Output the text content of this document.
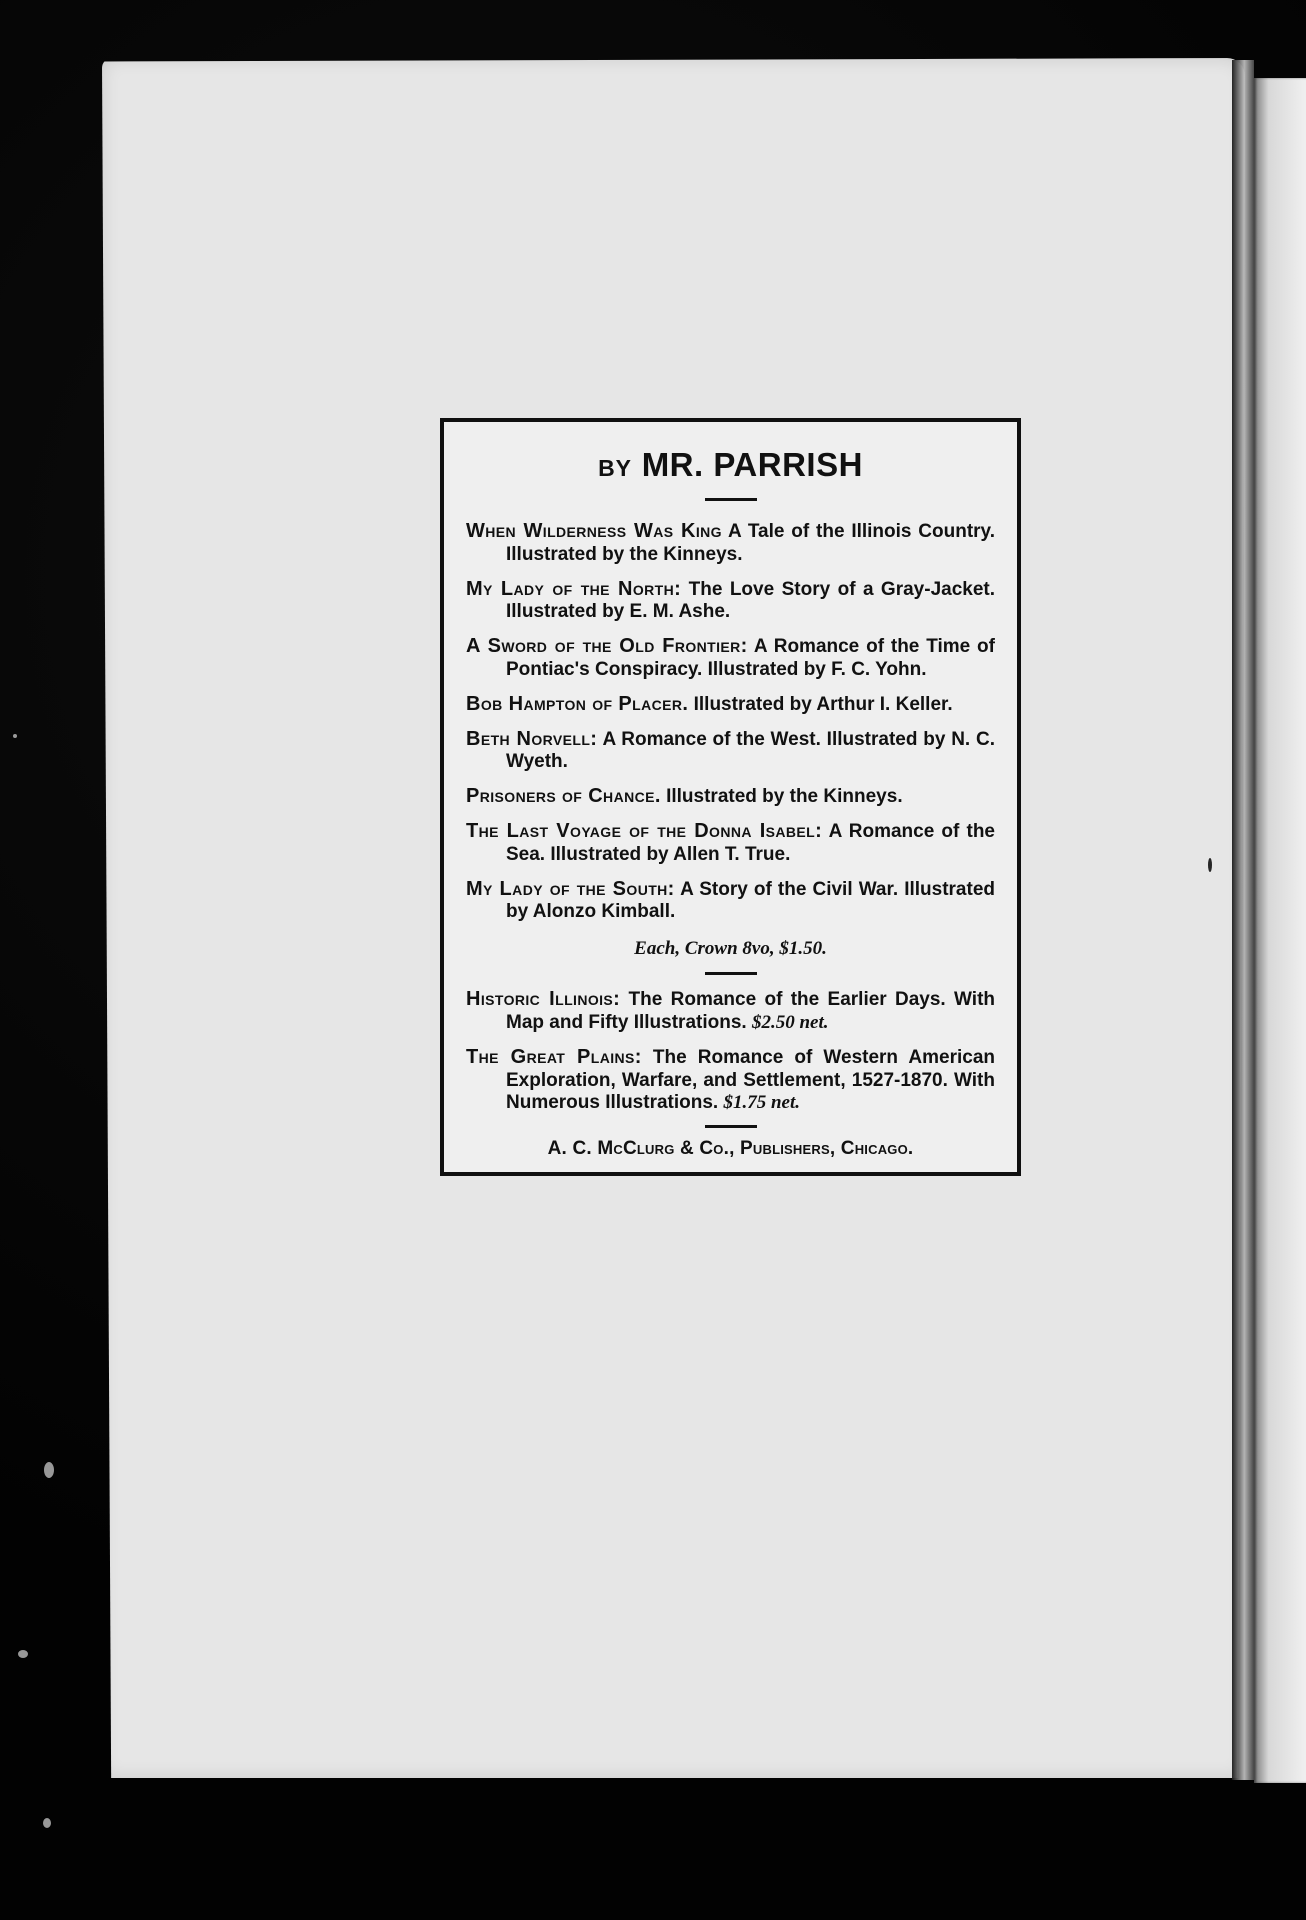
BY MR. PARRISH
When Wilderness Was King A Tale of the Illinois Country. Illustrated by the Kinneys.
My Lady of the North: The Love Story of a Gray-Jacket. Illustrated by E. M. Ashe.
A Sword of the Old Frontier: A Romance of the Time of Pontiac's Conspiracy. Illustrated by F. C. Yohn.
Bob Hampton of Placer. Illustrated by Arthur I. Keller.
Beth Norvell: A Romance of the West. Illustrated by N. C. Wyeth.
Prisoners of Chance. Illustrated by the Kinneys.
The Last Voyage of the Donna Isabel: A Romance of the Sea. Illustrated by Allen T. True.
My Lady of the South: A Story of the Civil War. Illustrated by Alonzo Kimball.
Each, Crown 8vo, $1.50.
Historic Illinois: The Romance of the Earlier Days. With Map and Fifty Illustrations. $2.50 net.
The Great Plains: The Romance of Western American Exploration, Warfare, and Settlement, 1527-1870. With Numerous Illustrations. $1.75 net.
A. C. McClurg & Co., Publishers, Chicago.
